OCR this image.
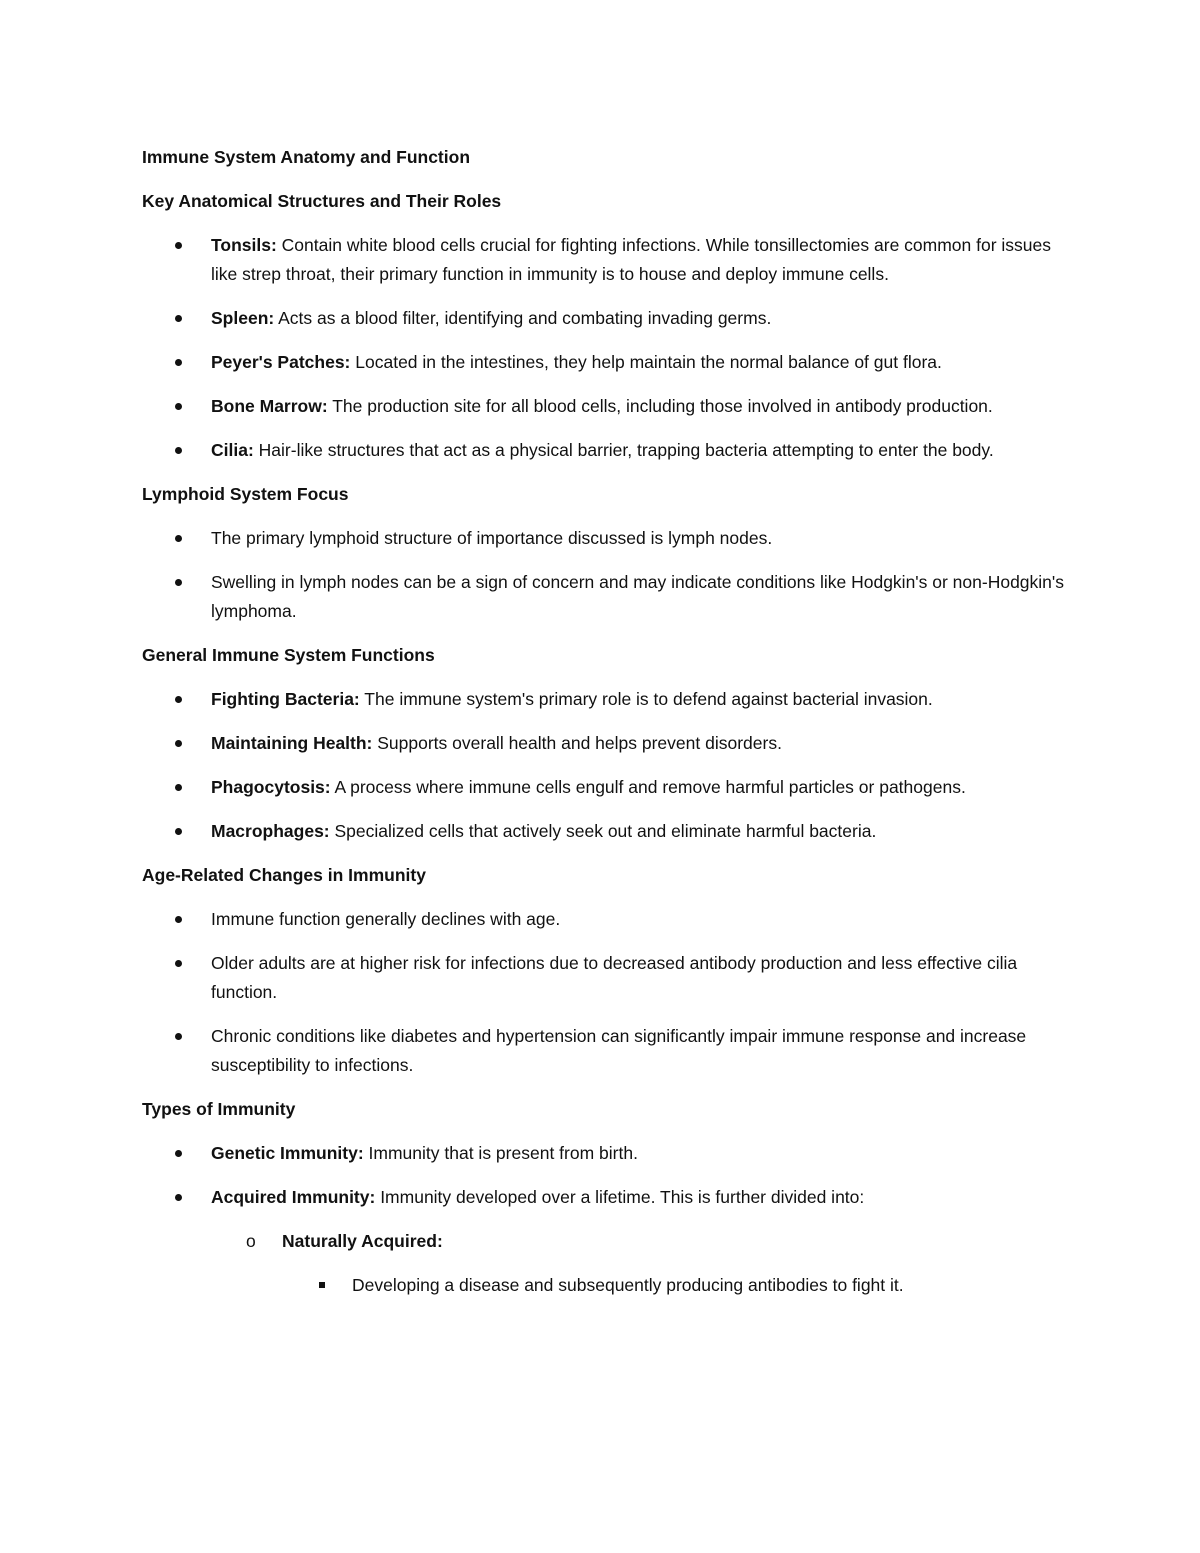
Immune System Anatomy and Function

Key Anatomical Structures and Their Roles

Tonsils: Contain white blood cells crucial for fighting infections. While tonsillectomies are common for issues like strep throat, their primary function in immunity is to house and deploy immune cells.
Spleen: Acts as a blood filter, identifying and combating invading germs.
Peyer's Patches: Located in the intestines, they help maintain the normal balance of gut flora.
Bone Marrow: The production site for all blood cells, including those involved in antibody production.
Cilia: Hair-like structures that act as a physical barrier, trapping bacteria attempting to enter the body.

Lymphoid System Focus

The primary lymphoid structure of importance discussed is lymph nodes.
Swelling in lymph nodes can be a sign of concern and may indicate conditions like Hodgkin's or non-Hodgkin's lymphoma.

General Immune System Functions

Fighting Bacteria: The immune system's primary role is to defend against bacterial invasion.
Maintaining Health: Supports overall health and helps prevent disorders.
Phagocytosis: A process where immune cells engulf and remove harmful particles or pathogens.
Macrophages: Specialized cells that actively seek out and eliminate harmful bacteria.

Age-Related Changes in Immunity

Immune function generally declines with age.
Older adults are at higher risk for infections due to decreased antibody production and less effective cilia function.
Chronic conditions like diabetes and hypertension can significantly impair immune response and increase susceptibility to infections.

Types of Immunity

Genetic Immunity: Immunity that is present from birth.
Acquired Immunity: Immunity developed over a lifetime. This is further divided into:
o Naturally Acquired:
Developing a disease and subsequently producing antibodies to fight it.
